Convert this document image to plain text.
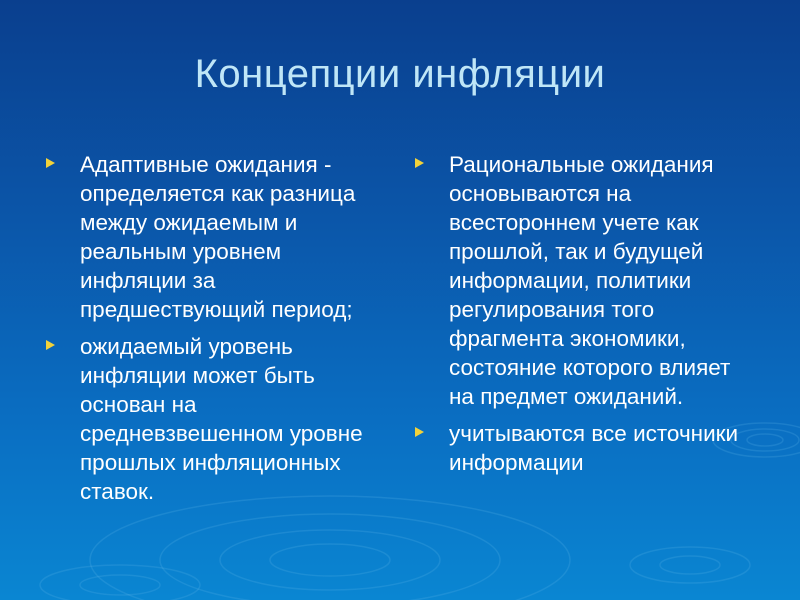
Концепции инфляции
Адаптивные ожидания - определяется как разница между ожидаемым и реальным уровнем инфляции за предшествующий период;
ожидаемый уровень инфляции может быть основан на средневзвешенном уровне прошлых инфляционных ставок.
Рациональные ожидания основываются на всестороннем учете как прошлой, так и будущей информации, политики регулирования того фрагмента экономики, состояние которого влияет на предмет ожиданий.
учитываются все источники информации
